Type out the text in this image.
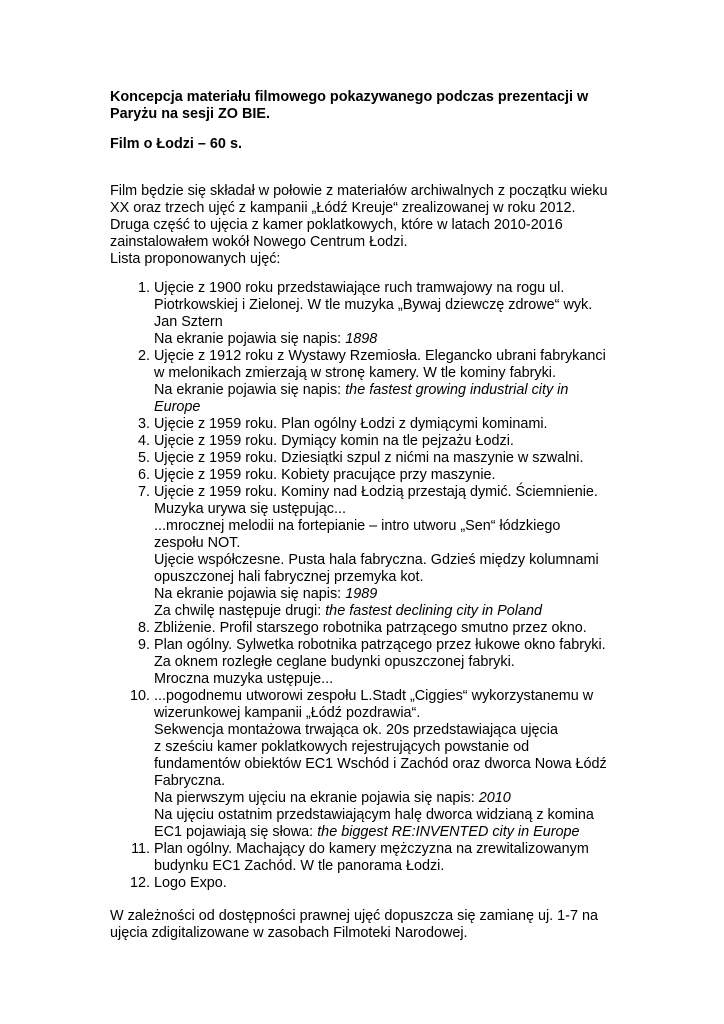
Koncepcja materiału filmowego pokazywanego podczas prezentacji w
Paryżu na sesji ZO BIE.

Film o Łodzi – 60 s.

Film będzie się składał w połowie z materiałów archiwalnych z początku wieku
XX oraz trzech ujęć z kampanii „Łódź Kreuje“ zrealizowanej w roku 2012.
Druga część to ujęcia z kamer poklatkowych, które w latach 2010-2016
zainstalowałem wokół Nowego Centrum Łodzi.
Lista proponowanych ujęć:

1. Ujęcie z 1900 roku przedstawiające ruch tramwajowy na rogu ul.
Piotrkowskiej i Zielonej. W tle muzyka „Bywaj dziewczę zdrowe“ wyk.
Jan Sztern
Na ekranie pojawia się napis: 1898
2. Ujęcie z 1912 roku z Wystawy Rzemiosła. Elegancko ubrani fabrykanci
w melonikach zmierzają w stronę kamery. W tle kominy fabryki.
Na ekranie pojawia się napis: the fastest growing industrial city in
Europe
3. Ujęcie z 1959 roku. Plan ogólny Łodzi z dymiącymi kominami.
4. Ujęcie z 1959 roku. Dymiący komin na tle pejzażu Łodzi.
5. Ujęcie z 1959 roku. Dziesiątki szpul z nićmi na maszynie w szwalni.
6. Ujęcie z 1959 roku. Kobiety pracujące przy maszynie.
7. Ujęcie z 1959 roku. Kominy nad Łodzią przestają dymić. Ściemnienie.
Muzyka urywa się ustępując...
...mrocznej melodii na fortepianie – intro utworu „Sen“ łódzkiego
zespołu NOT.
Ujęcie współczesne. Pusta hala fabryczna. Gdzieś między kolumnami
opuszczonej hali fabrycznej przemyka kot.
Na ekranie pojawia się napis: 1989
Za chwilę następuje drugi: the fastest declining city in Poland
8. Zbliżenie. Profil starszego robotnika patrzącego smutno przez okno.
9. Plan ogólny. Sylwetka robotnika patrzącego przez łukowe okno fabryki.
Za oknem rozległe ceglane budynki opuszczonej fabryki.
Mroczna muzyka ustępuje...
10. ...pogodnemu utworowi zespołu L.Stadt „Ciggies“ wykorzystanemu w
wizerunkowej kampanii „Łódź pozdrawia“.
Sekwencja montażowa trwająca ok. 20s przedstawiająca ujęcia
z sześciu kamer poklatkowych rejestrujących powstanie od
fundamentów obiektów EC1 Wschód i Zachód oraz dworca Nowa Łódź
Fabryczna.
Na pierwszym ujęciu na ekranie pojawia się napis: 2010
Na ujęciu ostatnim przedstawiającym halę dworca widzianą z komina
EC1 pojawiają się słowa: the biggest RE:INVENTED city in Europe
11. Plan ogólny. Machający do kamery mężczyzna na zrewitalizowanym
budynku EC1 Zachód. W tle panorama Łodzi.
12. Logo Expo.

W zależności od dostępności prawnej ujęć dopuszcza się zamianę uj. 1-7 na
ujęcia zdigitalizowane w zasobach Filmoteki Narodowej.
